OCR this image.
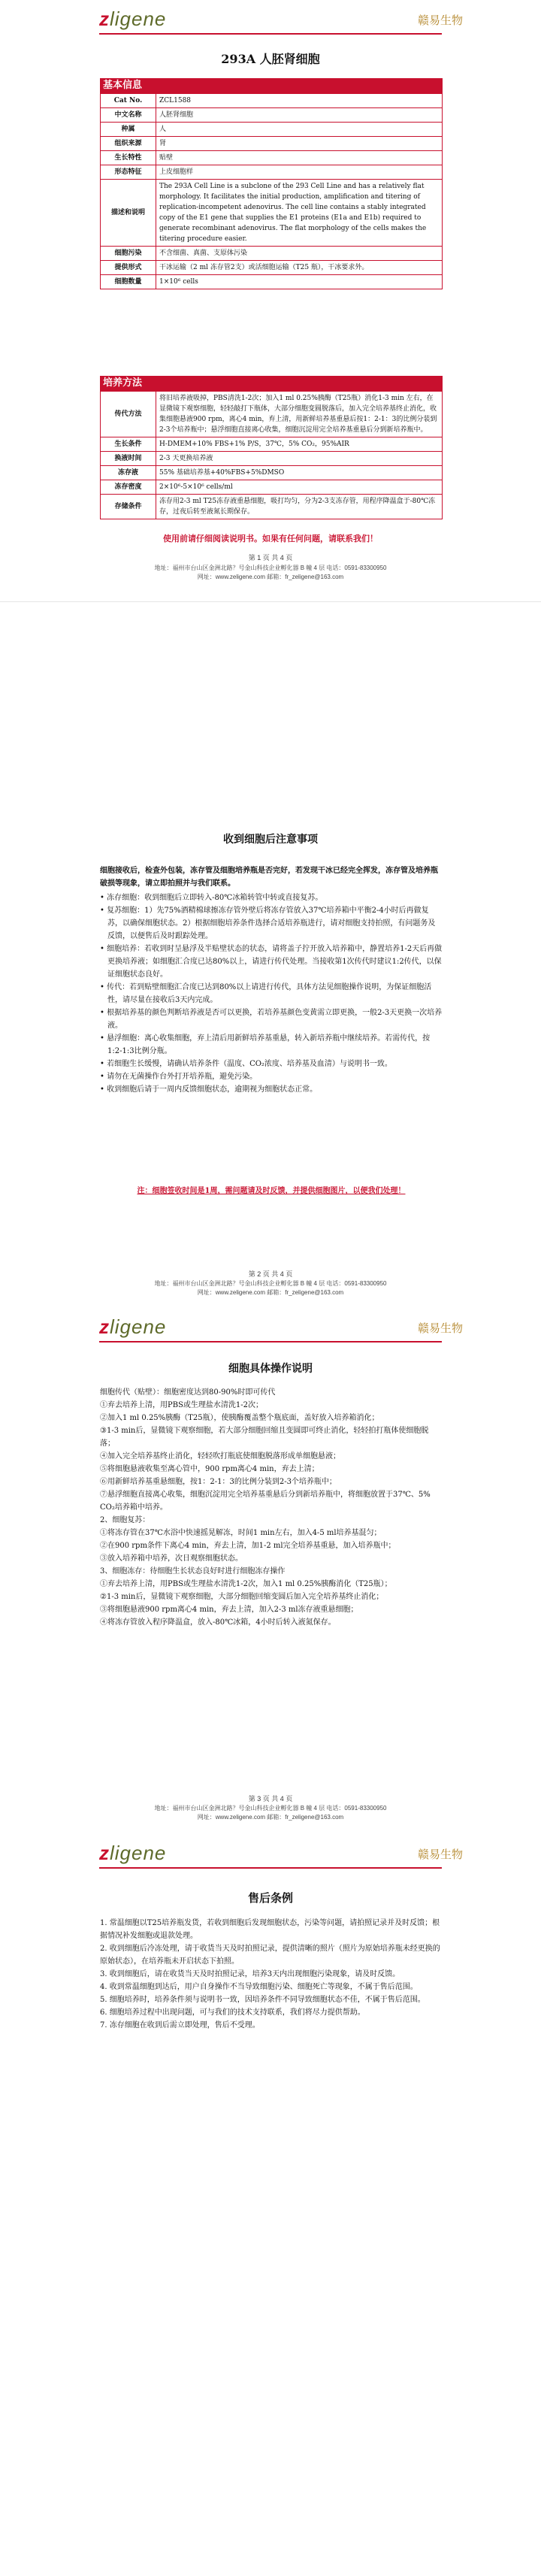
zligene	赣易生物
293A 人胚肾细胞
基本信息
Cat No.	ZCL1588
中文名称	人胚肾细胞
种属	人
组织来源	肾
生长特性	贴壁
形态特征	上皮细胞样
描述和说明	The 293A Cell Line is a subclone of the 293 Cell Line and has a relatively flat morphology. It facilitates the initial production, amplification and titering of replication-incompetent adenovirus. The cell line contains a stably integrated copy of the E1 gene that supplies the E1 proteins (E1a and E1b) required to generate recombinant adenovirus. The flat morphology of the cells makes the titering procedure easier.
细胞污染	不含细菌、真菌、支原体污染
提供形式	干冰运输（2 ml 冻存管2支）或活细胞运输（T25 瓶），干冰要求外。
细胞数量	1×10⁶ cells
培养方法
传代方法	将旧培养液吸掉，PBS清洗1-2次；加入1 ml 0.25%胰酶（T25瓶）消化1-3 min 左右，在显微镜下观察细胞，轻轻敲打下瓶体，大部分细胞变圆脱落后，加入完全培养基终止消化，收集细胞悬液900 rpm，离心4 min，弃上清，用新鲜培养基重悬后按1：2-1：3的比例分装到2-3个培养瓶中；悬浮细胞直接离心收集，细胞沉淀用完全培养基重悬后分到新培养瓶中。
生长条件	H-DMEM+10% FBS+1% P/S，37℃，5% CO₂，95%AIR
换液时间	2-3 天更换培养液
冻存液	55% 基础培养基+40%FBS+5%DMSO
冻存密度	2×10⁶-5×10⁶ cells/ml
存储条件	冻存用2-3 ml T25冻存液重悬细胞，吸打均匀，分为2-3支冻存管，用程序降温盒于-80℃冻存，过夜后转至液氮长期保存。
使用前请仔细阅读说明书。如果有任何问题，请联系我们！
第 1 页 共 4 页
地址：福州市台山区金洲北路？号金山科技企业孵化器 B 幢 4 层 电话：0591-83300950
网址：www.zeligene.com 邮箱：fr_zeligene@163.com
收到细胞后注意事项

细胞接收后，检查外包装，冻存管及细胞培养瓶是否完好，若发现干冰已经完全挥发，冻存管及培养瓶破损等现象，请立即拍照并与我们联系。

• 冻存细胞：收到细胞后立即转入-80℃冰箱转管中转或直接复苏。

• 复苏细胞：1）先75%酒精棉球擦冻存管外壁后将冻存管放入37℃培养箱中平衡2-4小时后再做复苏，以确保细胞状态。2）根据细胞培养条件选择合适培养瓶进行，请对细胞支持拍照，有问题务及反馈，以便售后及时跟踪处理。

• 细胞培养：若收到时呈悬浮及半贴壁状态的状态，请将盖子拧开放入培养箱中，静置培养1-2天后再做更换培养液；如细胞汇合度已达80%以上，请进行传代处理。当接收第1次传代时建议1:2传代，以保证细胞状态良好。

• 传代：若到贴壁细胞汇合度已达到80%以上请进行传代，具体方法见细胞操作说明，为保证细胞活性，请尽量在接收后3天内完成。

• 根据培养基的颜色判断培养液是否可以更换，若培养基颜色变黄需立即更换，一般2-3天更换一次培养液。

• 悬浮细胞：离心收集细胞，弃上清后用新鲜培养基重悬，转入新培养瓶中继续培养。若需传代，按1:2-1:3比例分瓶。

• 若细胞生长缓慢，请确认培养条件（温度、CO₂浓度、培养基及血清）与说明书一致。

• 请勿在无菌操作台外打开培养瓶，避免污染。

• 收到细胞后请于一周内反馈细胞状态，逾期视为细胞状态正常。

注：细胞签收时间是1周，需问题请及时反馈，并提供细胞图片，以便我们处理！

第 2 页 共 4 页
地址：福州市台山区金洲北路？号金山科技企业孵化器 B 幢 4 层 电话：0591-83300950
网址：www.zeligene.com 邮箱：fr_zeligene@163.com
zligene	赣易生物
细胞具体操作说明

细胞传代（贴壁）：细胞密度达到80-90%时即可传代

①弃去培养上清，用PBS或生理盐水清洗1-2次；

②加入1 ml 0.25%胰酶（T25瓶），使胰酶覆盖整个瓶底面，盖好放入培养箱消化；

③1-3 min后，显微镜下观察细胞，若大部分细胞回缩且变圆即可终止消化，轻轻拍打瓶体使细胞脱落；

④加入完全培养基终止消化，轻轻吹打瓶底使细胞脱落形成单细胞悬液；

⑤将细胞悬液收集至离心管中，900 rpm离心4 min，弃去上清；

⑥用新鲜培养基重悬细胞，按1：2-1：3的比例分装到2-3个培养瓶中；

⑦悬浮细胞直接离心收集，细胞沉淀用完全培养基重悬后分到新培养瓶中，将细胞放置于37℃、5% CO₂培养箱中培养。

2、细胞复苏：

①将冻存管在37℃水浴中快速摇晃解冻，时间1 min左右，加入4-5 ml培养基混匀；

②在900 rpm条件下离心4 min，弃去上清，加1-2 ml完全培养基重悬，加入培养瓶中；

③放入培养箱中培养，次日观察细胞状态。

3、细胞冻存：待细胞生长状态良好时进行细胞冻存操作

①弃去培养上清，用PBS或生理盐水清洗1-2次，加入1 ml 0.25%胰酶消化（T25瓶）；

②1-3 min后，显微镜下观察细胞，大部分细胞回缩变圆后加入完全培养基终止消化；

③将细胞悬液900 rpm离心4 min，弃去上清，加入2-3 ml冻存液重悬细胞；

④将冻存管放入程序降温盒，放入-80℃冰箱，4小时后转入液氮保存。

第 3 页 共 4 页
地址：福州市台山区金洲北路？号金山科技企业孵化器 B 幢 4 层 电话：0591-83300950
网址：www.zeligene.com 邮箱：fr_zeligene@163.com
zligene	赣易生物
售后条例

1. 常温细胞以T25培养瓶发货，若收到细胞后发现细胞状态，污染等问题，请拍照记录并及时反馈；根据情况补发细胞或退款处理。

2. 收到细胞后冷冻处理，请于收货当天及时拍照记录，提供清晰的照片（照片为原始培养瓶未经更换的原始状态），在培养瓶未开启状态下拍照。

3. 收到细胞后，请在收货当天及时拍照记录，培养3天内出现细胞污染现象，请及时反馈。

4. 收到常温细胞到达后，用户自身操作不当导致细胞污染、细胞死亡等现象，不属于售后范围。

5. 细胞培养时，培养条件须与说明书一致，因培养条件不同导致细胞状态不佳，不属于售后范围。

6. 细胞培养过程中出现问题，可与我们的技术支持联系，我们将尽力提供帮助。

7. 冻存细胞在收到后需立即处理，售后不受理。
